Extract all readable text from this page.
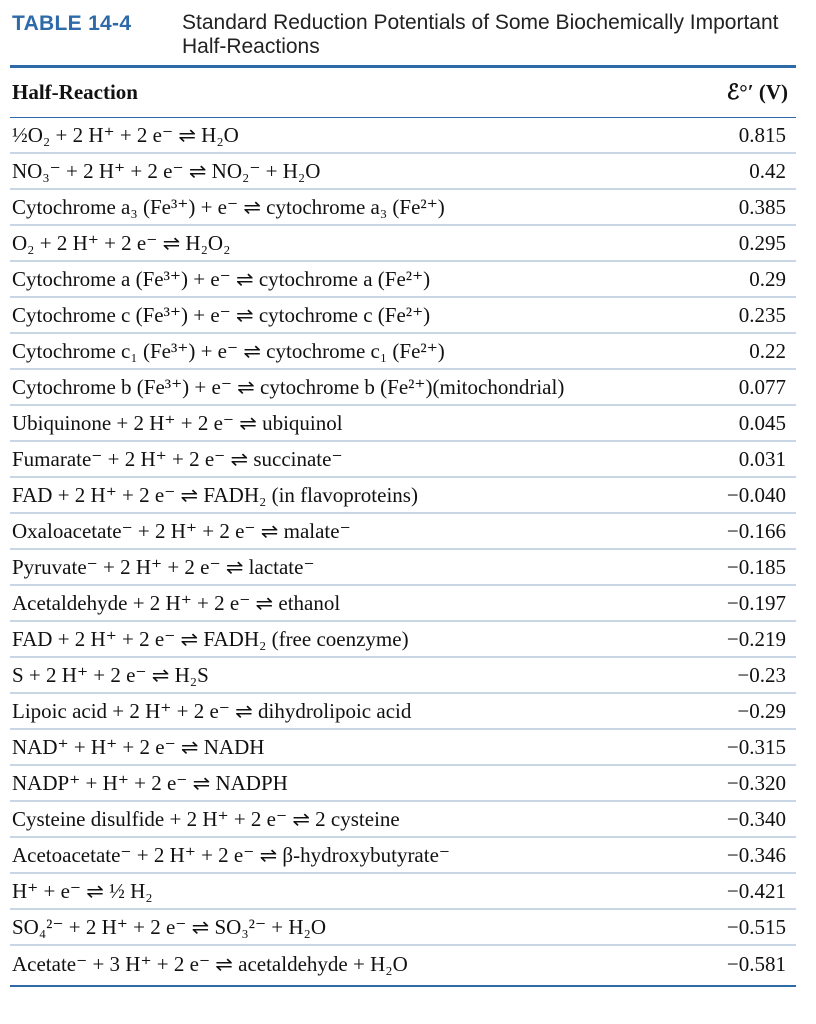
TABLE 14-4	Standard Reduction Potentials of Some Biochemically Important Half-Reactions
Half-Reaction	ℰ°′ (V)
½O₂ + 2 H⁺ + 2 e⁻ ⇌ H₂O	0.815
NO₃⁻ + 2 H⁺ + 2 e⁻ ⇌ NO₂⁻ + H₂O	0.42
Cytochrome a₃ (Fe³⁺) + e⁻ ⇌ cytochrome a₃ (Fe²⁺)	0.385
O₂ + 2 H⁺ + 2 e⁻ ⇌ H₂O₂	0.295
Cytochrome a (Fe³⁺) + e⁻ ⇌ cytochrome a (Fe²⁺)	0.29
Cytochrome c (Fe³⁺) + e⁻ ⇌ cytochrome c (Fe²⁺)	0.235
Cytochrome c₁ (Fe³⁺) + e⁻ ⇌ cytochrome c₁ (Fe²⁺)	0.22
Cytochrome b (Fe³⁺) + e⁻ ⇌ cytochrome b (Fe²⁺)(mitochondrial)	0.077
Ubiquinone + 2 H⁺ + 2 e⁻ ⇌ ubiquinol	0.045
Fumarate⁻ + 2 H⁺ + 2 e⁻ ⇌ succinate⁻	0.031
FAD + 2 H⁺ + 2 e⁻ ⇌ FADH₂ (in flavoproteins)	−0.040
Oxaloacetate⁻ + 2 H⁺ + 2 e⁻ ⇌ malate⁻	−0.166
Pyruvate⁻ + 2 H⁺ + 2 e⁻ ⇌ lactate⁻	−0.185
Acetaldehyde + 2 H⁺ + 2 e⁻ ⇌ ethanol	−0.197
FAD + 2 H⁺ + 2 e⁻ ⇌ FADH₂ (free coenzyme)	−0.219
S + 2 H⁺ + 2 e⁻ ⇌ H₂S	−0.23
Lipoic acid + 2 H⁺ + 2 e⁻ ⇌ dihydrolipoic acid	−0.29
NAD⁺ + H⁺ + 2 e⁻ ⇌ NADH	−0.315
NADP⁺ + H⁺ + 2 e⁻ ⇌ NADPH	−0.320
Cysteine disulfide + 2 H⁺ + 2 e⁻ ⇌ 2 cysteine	−0.340
Acetoacetate⁻ + 2 H⁺ + 2 e⁻ ⇌ β-hydroxybutyrate⁻	−0.346
H⁺ + e⁻ ⇌ ½ H₂	−0.421
SO₄²⁻ + 2 H⁺ + 2 e⁻ ⇌ SO₃²⁻ + H₂O	−0.515
Acetate⁻ + 3 H⁺ + 2 e⁻ ⇌ acetaldehyde + H₂O	−0.581
